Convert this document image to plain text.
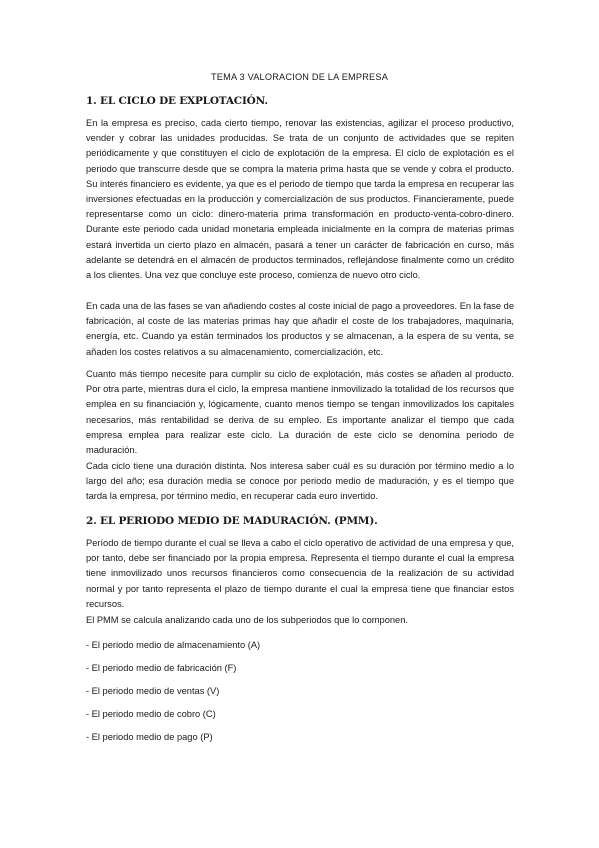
TEMA 3 VALORACION DE LA EMPRESA
1. EL CICLO DE EXPLOTACIÓN.

En la empresa es preciso, cada cierto tiempo, renovar las existencias, agilizar el proceso productivo, vender y cobrar las unidades producidas. Se trata de un conjunto de actividades que se repiten periódicamente y que constituyen el ciclo de explotación de la empresa. El ciclo de explotación es el periodo que transcurre desde que se compra la materia prima hasta que se vende y cobra el producto. Su interés financiero es evidente, ya que es el periodo de tiempo que tarda la empresa en recuperar las inversiones efectuadas en la producción y comercialización de sus productos. Financieramente, puede representarse como un ciclo: dinero-materia prima transformación en producto-venta-cobro-dinero. Durante este periodo cada unidad monetaria empleada inicialmente en la compra de materias primas estará invertida un cierto plazo en almacén, pasará a tener un carácter de fabricación en curso, más adelante se detendrá en el almacén de productos terminados, reflejándose finalmente como un crédito a los clientes. Una vez que concluye este proceso, comienza de nuevo otro ciclo.

En cada una de las fases se van añadiendo costes al coste inicial de pago a proveedores. En la fase de fabricación, al coste de las materias primas hay que añadir el coste de los trabajadores, maquinaria, energía, etc. Cuando ya están terminados los productos y se almacenan, a la espera de su venta, se añaden los costes relativos a su almacenamiento, comercialización, etc.

Cuanto más tiempo necesite para cumplir su ciclo de explotación, más costes se añaden al producto. Por otra parte, mientras dura el ciclo, la empresa mantiene inmovilizado la totalidad de los recursos que emplea en su financiación y, lógicamente, cuanto menos tiempo se tengan inmovilizados los capitales necesarios, más rentabilidad se deriva de su empleo. Es importante analizar el tiempo que cada empresa emplea para realizar este ciclo. La duración de este ciclo se denomina periodo de maduración.

Cada ciclo tiene una duración distinta. Nos interesa saber cuál es su duración por término medio a lo largo del año; esa duración media se conoce por periodo medio de maduración, y es el tiempo que tarda la empresa, por término medio, en recuperar cada euro invertido.

2. EL PERIODO MEDIO DE MADURACIÓN. (PMM).

Período de tiempo durante el cual se lleva a cabo el ciclo operativo de actividad de una empresa y que, por tanto, debe ser financiado por la propia empresa. Representa el tiempo durante el cual la empresa tiene inmovilizado unos recursos financieros como consecuencia de la realización de su actividad normal y por tanto representa el plazo de tiempo durante el cual la empresa tiene que financiar estos recursos.

El PMM se calcula analizando cada uno de los subperiodos que lo componen.

- El periodo medio de almacenamiento (A)
- El periodo medio de fabricación (F)
- El periodo medio de ventas (V)
- El periodo medio de cobro (C)
- El periodo medio de pago (P)
